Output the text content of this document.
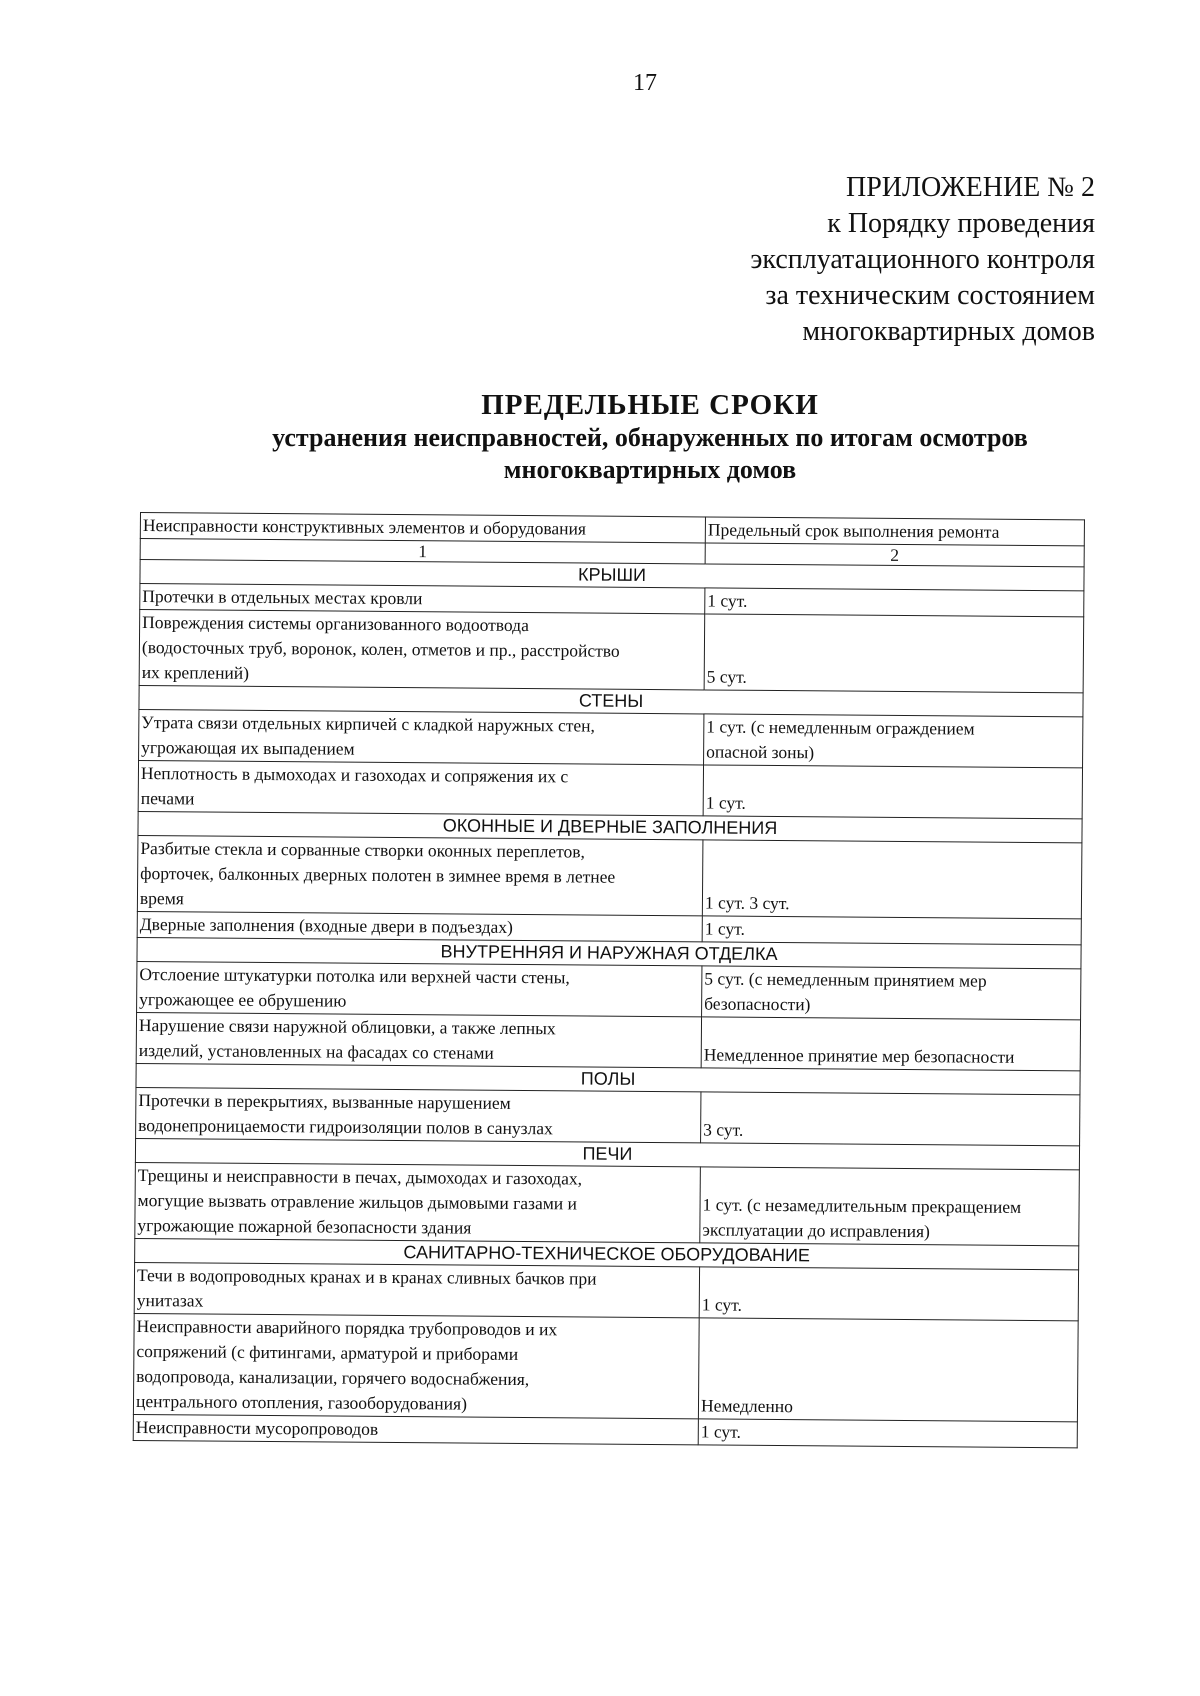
17
ПРИЛОЖЕНИЕ № 2
к Порядку проведения
эксплуатационного контроля
за техническим состоянием
многоквартирных домов
ПРЕДЕЛЬНЫЕ СРОКИ
устранения неисправностей, обнаруженных по итогам осмотров
многоквартирных домов
Неисправности конструктивных элементов и оборудования	Предельный срок выполнения ремонта
1	2
КРЫШИ	
Протечки в отдельных местах кровли	1 сут.
Повреждения системы организованного водоотвода
(водосточных труб, воронок, колен, отметов и пр., расстройство
их креплений)	5 сут.
СТЕНЫ	
Утрата связи отдельных кирпичей с кладкой наружных стен,
угрожающая их выпадением	1 сут. (с немедленным ограждением
опасной зоны)
Неплотность в дымоходах и газоходах и сопряжения их с
печами	1 сут.
ОКОННЫЕ И ДВЕРНЫЕ ЗАПОЛНЕНИЯ	
Разбитые стекла и сорванные створки оконных переплетов,
форточек, балконных дверных полотен в зимнее время в летнее
время	1 сут. 3 сут.
Дверные заполнения (входные двери в подъездах)	1 сут.
ВНУТРЕННЯЯ И НАРУЖНАЯ ОТДЕЛКА	
Отслоение штукатурки потолка или верхней части стены,
угрожающее ее обрушению	5 сут. (с немедленным принятием мер
безопасности)
Нарушение связи наружной облицовки, а также лепных
изделий, установленных на фасадах со стенами	Немедленное принятие мер безопасности
ПОЛЫ	
Протечки в перекрытиях, вызванные нарушением
водонепроницаемости гидроизоляции полов в санузлах	3 сут.
ПЕЧИ	
Трещины и неисправности в печах, дымоходах и газоходах,
могущие вызвать отравление жильцов дымовыми газами и
угрожающие пожарной безопасности здания	1 сут. (с незамедлительным прекращением
эксплуатации до исправления)
САНИТАРНО-ТЕХНИЧЕСКОЕ ОБОРУДОВАНИЕ	
Течи в водопроводных кранах и в кранах сливных бачков при
унитазах	1 сут.
Неисправности аварийного порядка трубопроводов и их
сопряжений (с фитингами, арматурой и приборами
водопровода, канализации, горячего водоснабжения,
центрального отопления, газооборудования)	Немедленно
Неисправности мусоропроводов	1 сут.
